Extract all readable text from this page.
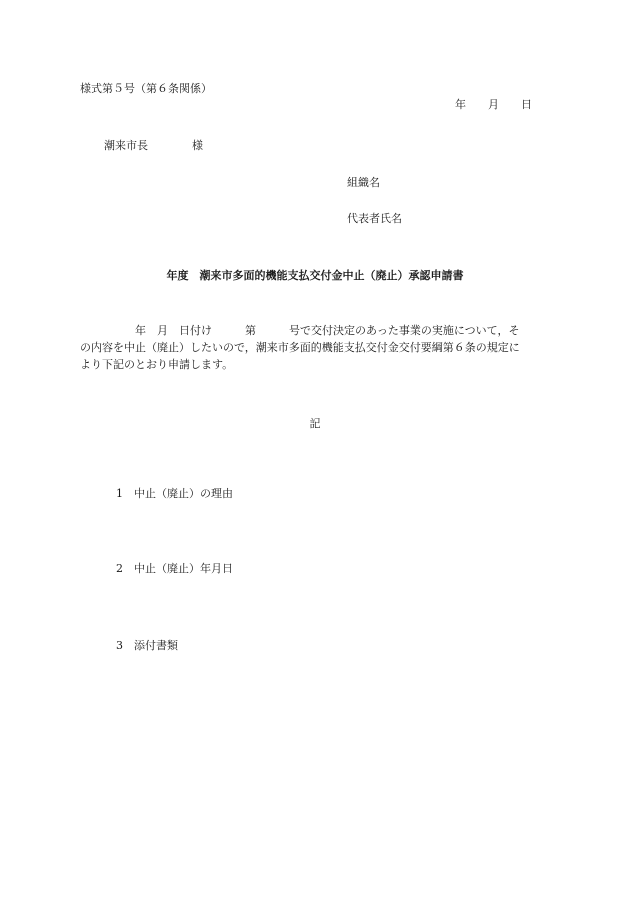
様式第５号（第６条関係）

年　　月　　日

潮来市長　　　　様

組織名

代表者氏名

年度　潮来市多面的機能支払交付金中止（廃止）承認申請書

　　　　　年　月　日付け　　　第　　　号で交付決定のあった事業の実施について，そ
の内容を中止（廃止）したいので，潮来市多面的機能支払交付金交付要綱第６条の規定に
より下記のとおり申請します。

記

1 中止（廃止）の理由

2 中止（廃止）年月日

3 添付書類
